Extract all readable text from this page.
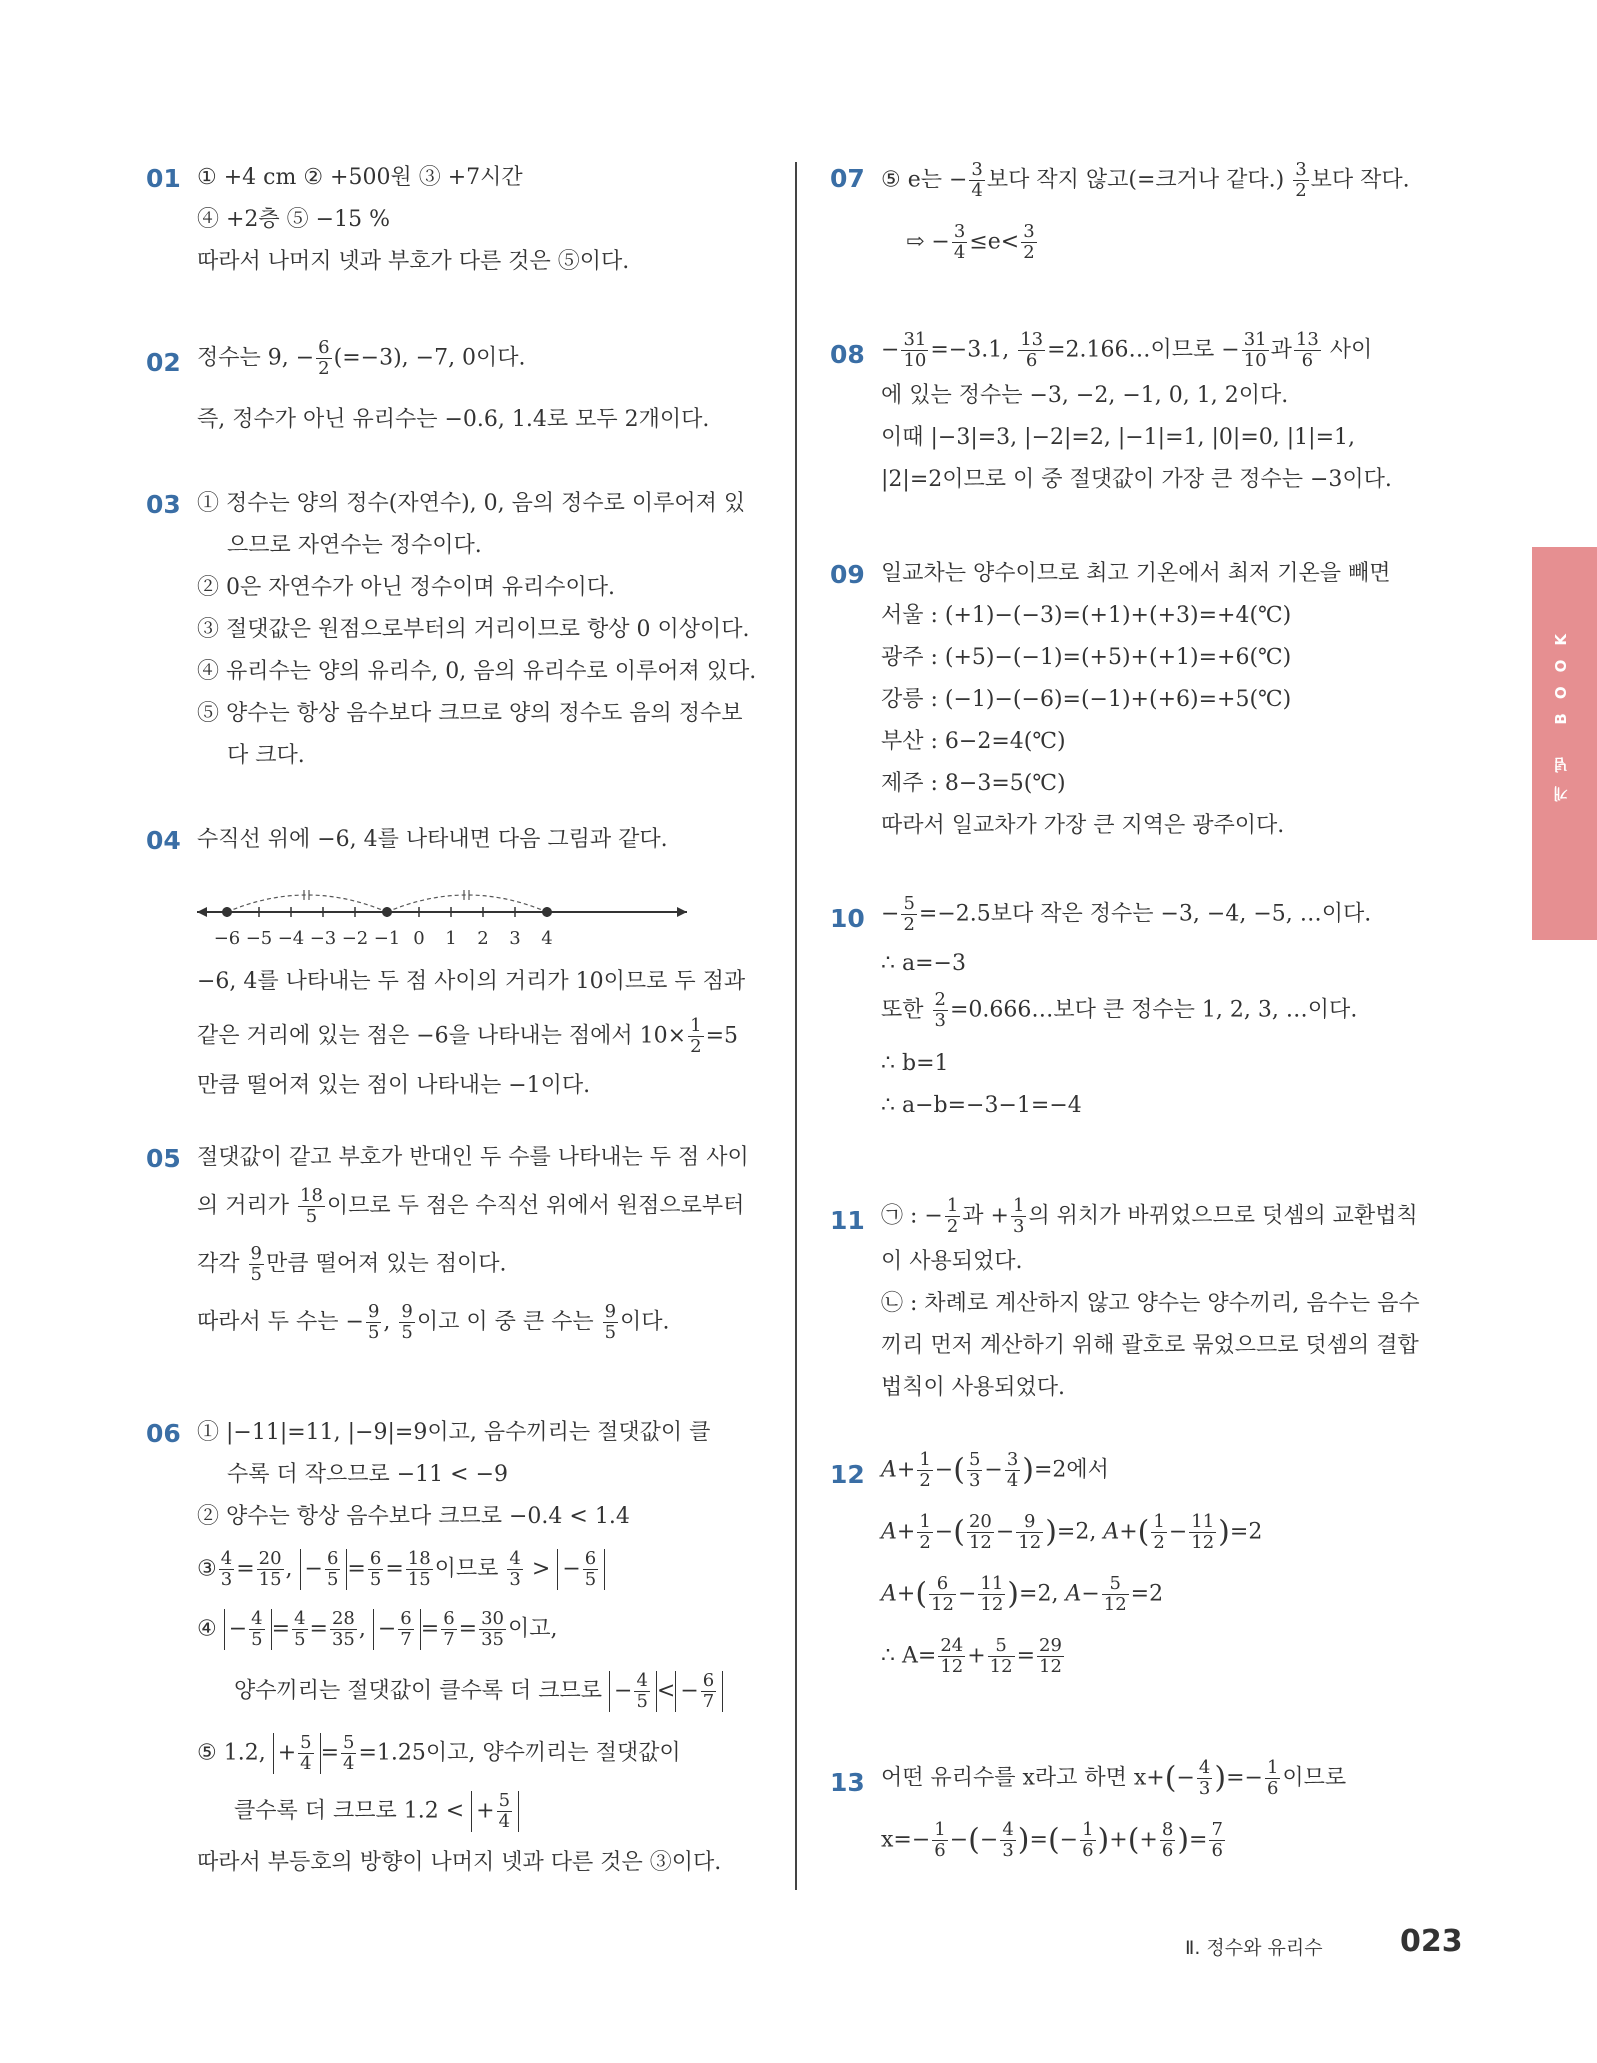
01 ① +4 cm ② +500원 ③ +7시간
④ +2층 ⑤ −15 %
따라서 나머지 넷과 부호가 다른 것은 ⑤이다.
02 정수는 9, − $\frac{6}{2} (=-3)$, −7, 0이다.
즉, 정수가 아닌 유리수는 −0.6, 1.4로 모두 2개이다.
03 ① 정수는 양의 정수(자연수), 0, 음의 정수로 이루어져 있
으므로 자연수는 정수이다.
② 0은 자연수가 아닌 정수이며 유리수이다.
③ 절댓값은 원점으로부터의 거리이므로 항상 0 이상이다.
④ 유리수는 양의 유리수, 0, 음의 유리수로 이루어져 있다.
⑤ 양수는 항상 음수보다 크므로 양의 정수도 음의 정수보
다 크다.
04 수직선 위에 −6, 4를 나타내면 다음 그림과 같다.
−6 −5 −4 −3 −2 −1 0 1 2 3 4
−6, 4를 나타내는 두 점 사이의 거리가 10이므로 두 점과
같은 거리에 있는 점은 −6을 나타내는 점에서 $10\times \frac{1}{2} =5$
만큼 떨어져 있는 점이 나타내는 −1이다.
05 절댓값이 같고 부호가 반대인 두 수를 나타내는 두 점 사이
의 거리가 $\frac{18}{5}$ 이므로 두 점은 수직선 위에서 원점으로부터
각각 $\frac{9}{5}$ 만큼 떨어져 있는 점이다.
따라서 두 수는 − $\frac{9}{5}$ , $\frac{9}{5}$ 이고 이 중 큰 수는 $\frac{9}{5}$ 이다.
06 ① |−11|=11, |−9|=9이고, 음수끼리는 절댓값이 클
수록 더 작으므로 −11 < −9
② 양수는 항상 음수보다 크므로 −0.4 < 1.4
③ $\frac{4}{3} = \frac{20}{15}$ , − $\frac{6}{5} = \frac{6}{5} = \frac{18}{15}$ 이므로 $\frac{4}{3}$ > − $\frac{6}{5}$
④ − $\frac{4}{5} = \frac{4}{5} = \frac{28}{35}$ , − $\frac{6}{7} = \frac{6}{7} = \frac{30}{35}$ 이고,
양수끼리는 절댓값이 클수록 더 크므로 − $\frac{4}{5}$ < − $\frac{6}{7}$
⑤ 1.2, + $\frac{5}{4} = \frac{5}{4} =1.25$이고, 양수끼리는 절댓값이
클수록 더 크므로 1.2 < + $\frac{5}{4}$
따라서 부등호의 방향이 나머지 넷과 다른 것은 ③이다.
07 ⑤ e는 − $\frac{3}{4}$ 보다 작지 않고(=크거나 같다.) $\frac{3}{2}$ 보다 작다.
⇨ − $\frac{3}{4} \le e< \frac{3}{2}$
$08 - \frac{31}{10} =-3.1$, $\frac{13}{6}$ =2.166…이므로 − $\frac{31}{10}$ 과 $\frac{13}{6}$ 사이
에 있는 정수는 −3, −2, −1, 0, 1, 2이다.
이때 |−3|=3, |−2|=2, |−1|=1, |0|=0, |1|=1,
|2|=2이므로 이 중 절댓값이 가장 큰 정수는 −3이다.
09 일교차는 양수이므로 최고 기온에서 최저 기온을 빼면
서울 : (+1)−(−3)=(+1)+(+3)=+4(℃)
광주 : (+5)−(−1)=(+5)+(+1)=+6(℃)
강릉 : (−1)−(−6)=(−1)+(+6)=+5(℃)
부산 : 6−2=4(℃)
제주 : 8−3=5(℃)
따라서 일교차가 가장 큰 지역은 광주이다.
$10 - \frac{5}{2} =-2.5$보다 작은 정수는 −3, −4, −5, …이다.
∴ a=−3
또한 $\frac{2}{3}$ =0.666…보다 큰 정수는 1, 2, 3, …이다.
∴ b=1
∴ a−b=−3−1=−4
11 ㉠ : − $\frac{1}{2}$ 과 + $\frac{1}{3}$ 의 위치가 바뀌었으므로 덧셈의 교환법칙
이 사용되었다.
㉡ : 차례로 계산하지 않고 양수는 양수끼리, 음수는 음수
끼리 먼저 계산하기 위해 괄호로 묶었으므로 덧셈의 결합
법칙이 사용되었다.
12 $A+ \frac{1}{2}$ −( $\frac{5}{3} - \frac{3}{4} )=2$에서
$A+ \frac{1}{2}$ −( $\frac{20}{12} - \frac{9}{12} )=2$, $A+( \frac{1}{2} - \frac{11}{12} )=2$
$A+( \frac{6}{12} - \frac{11}{12} )=2$, $A- \frac{5}{12} =2$
∴ $A= \frac{24}{12} + \frac{5}{12} = \frac{29}{12}$
13 어떤 유리수를 x라고 하면 $x+(- \frac{4}{3}$ )=− $\frac{1}{6}$ 이므로
$x=- \frac{1}{6}$ −(− $\frac{4}{3}$ )=(− $\frac{1}{6}$ )+(+ $\frac{8}{6}$ )= $\frac{7}{6}$
개념 BOOK
Ⅱ. 정수와 유리수	023
